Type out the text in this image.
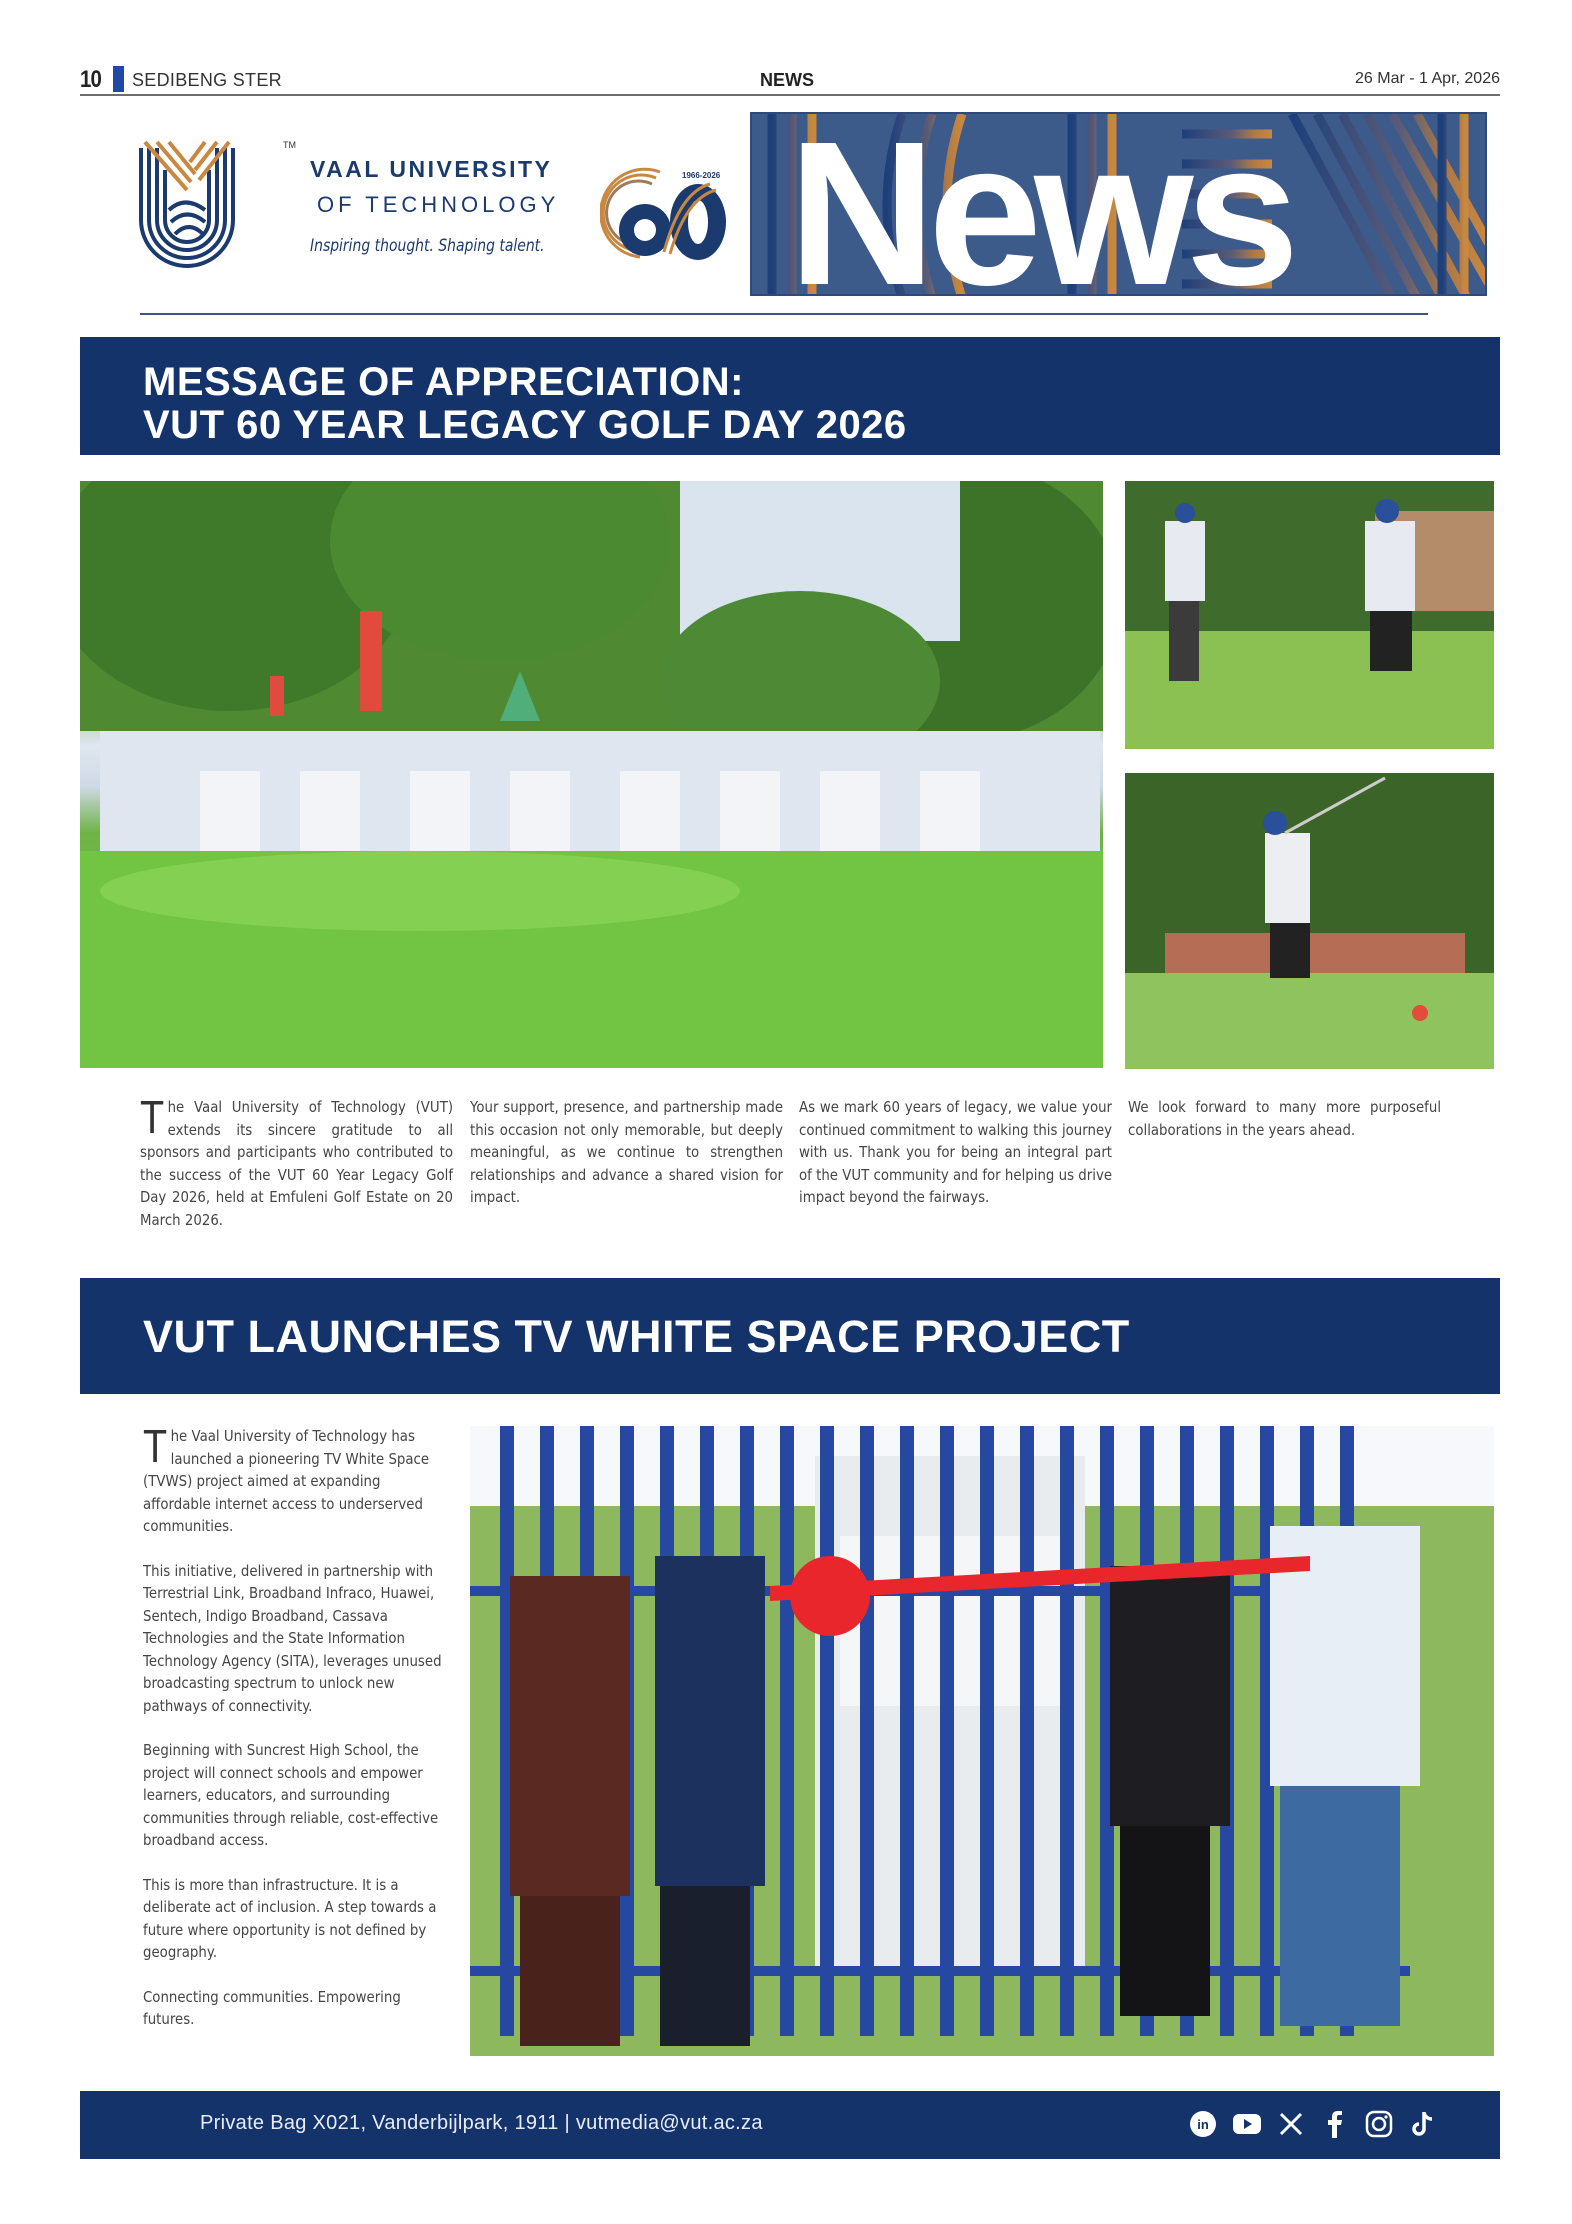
10 SEDIBENG STER	NEWS	26 Mar - 1 Apr, 2026
TM
VAAL UNIVERSITY
OF TECHNOLOGY
Inspiring thought. Shaping talent.
1966-2026 News
MESSAGE OF APPRECIATION:
VUT 60 YEAR LEGACY GOLF DAY 2026
The Vaal University of Technology (VUT) extends its sincere gratitude to all sponsors and participants who contributed to the success of the VUT 60 Year Legacy Golf Day 2026, held at Emfuleni Golf Estate on 20 March 2026.
Your support, presence, and partnership made this occasion not only memorable, but deeply meaningful, as we continue to strengthen relationships and advance a shared vision for impact.
As we mark 60 years of legacy, we value your continued commitment to walking this journey with us. Thank you for being an integral part of the VUT community and for helping us drive impact beyond the fairways.
We look forward to many more purposeful collaborations in the years ahead.
VUT LAUNCHES TV WHITE SPACE PROJECT

The Vaal University of Technology has launched a pioneering TV White Space (TVWS) project aimed at expanding affordable internet access to underserved communities.

This initiative, delivered in partnership with Terrestrial Link, Broadband Infraco, Huawei, Sentech, Indigo Broadband, Cassava Technologies and the State Information Technology Agency (SITA), leverages unused broadcasting spectrum to unlock new pathways of connectivity.

Beginning with Suncrest High School, the project will connect schools and empower learners, educators, and surrounding communities through reliable, cost-effective broadband access.

This is more than infrastructure. It is a deliberate act of inclusion. A step towards a future where opportunity is not defined by geography.

Connecting communities. Empowering futures.

Private Bag X021, Vanderbijlpark, 1911 | vutmedia@vut.ac.za	in
